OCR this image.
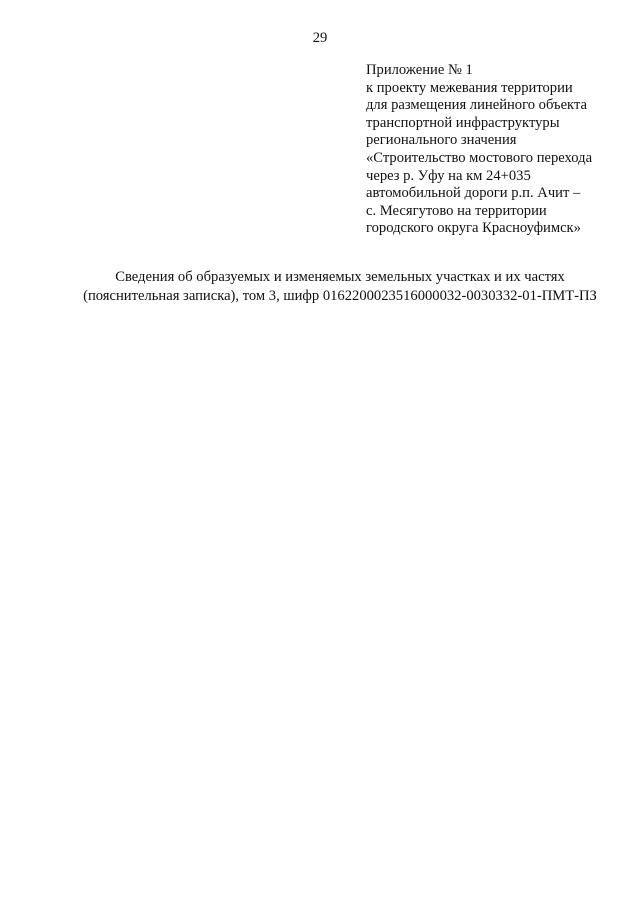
29
Приложение № 1
к проекту межевания территории
для размещения линейного объекта
транспортной инфраструктуры
регионального значения
«Строительство мостового перехода
через р. Уфу на км 24+035
автомобильной дороги р.п. Ачит –
с. Месягутово на территории
городского округа Красноуфимск»
Сведения об образуемых и изменяемых земельных участках и их частях
(пояснительная записка), том 3, шифр 0162200023516000032-0030332-01-ПМТ-ПЗ
